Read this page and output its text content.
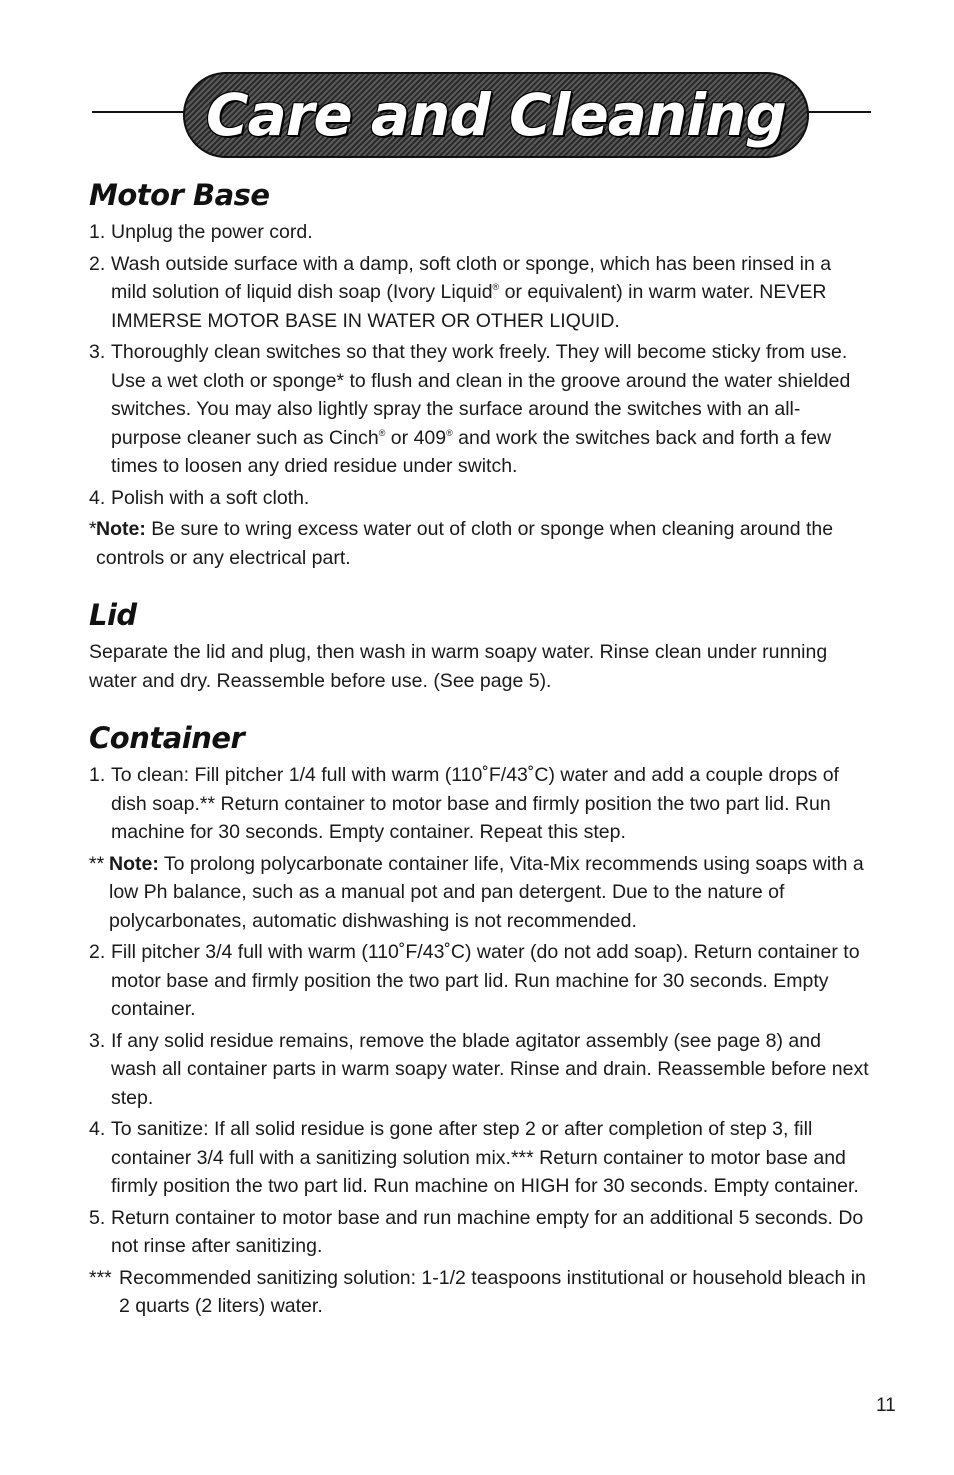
Care and Cleaning
Motor Base
1. Unplug the power cord.
2. Wash outside surface with a damp, soft cloth or sponge, which has been rinsed in a mild solution of liquid dish soap (Ivory Liquid® or equivalent) in warm water. NEVER IMMERSE MOTOR BASE IN WATER OR OTHER LIQUID.
3. Thoroughly clean switches so that they work freely. They will become sticky from use. Use a wet cloth or sponge* to flush and clean in the groove around the water shielded switches. You may also lightly spray the surface around the switches with an all-purpose cleaner such as Cinch® or 409® and work the switches back and forth a few times to loosen any dried residue under switch.
4. Polish with a soft cloth.
* Note: Be sure to wring excess water out of cloth or sponge when cleaning around the controls or any electrical part.
Lid

Separate the lid and plug, then wash in warm soapy water. Rinse clean under running water and dry. Reassemble before use. (See page 5).

Container
1. To clean: Fill pitcher 1/4 full with warm (110˚F/43˚C) water and add a couple drops of dish soap.** Return container to motor base and firmly position the two part lid. Run machine for 30 seconds. Empty container. Repeat this step.
** Note: To prolong polycarbonate container life, Vita-Mix recommends using soaps with a low Ph balance, such as a manual pot and pan detergent. Due to the nature of polycarbonates, automatic dishwashing is not recommended.
2. Fill pitcher 3/4 full with warm (110˚F/43˚C) water (do not add soap). Return container to motor base and firmly position the two part lid. Run machine for 30 seconds. Empty container.
3. If any solid residue remains, remove the blade agitator assembly (see page 8) and wash all container parts in warm soapy water. Rinse and drain. Reassemble before next step.
4. To sanitize: If all solid residue is gone after step 2 or after completion of step 3, fill container 3/4 full with a sanitizing solution mix.*** Return container to motor base and firmly position the two part lid. Run machine on HIGH for 30 seconds. Empty container.
5. Return container to motor base and run machine empty for an additional 5 seconds. Do not rinse after sanitizing.
*** Recommended sanitizing solution: 1-1/2 teaspoons institutional or household bleach in 2 quarts (2 liters) water.
11
